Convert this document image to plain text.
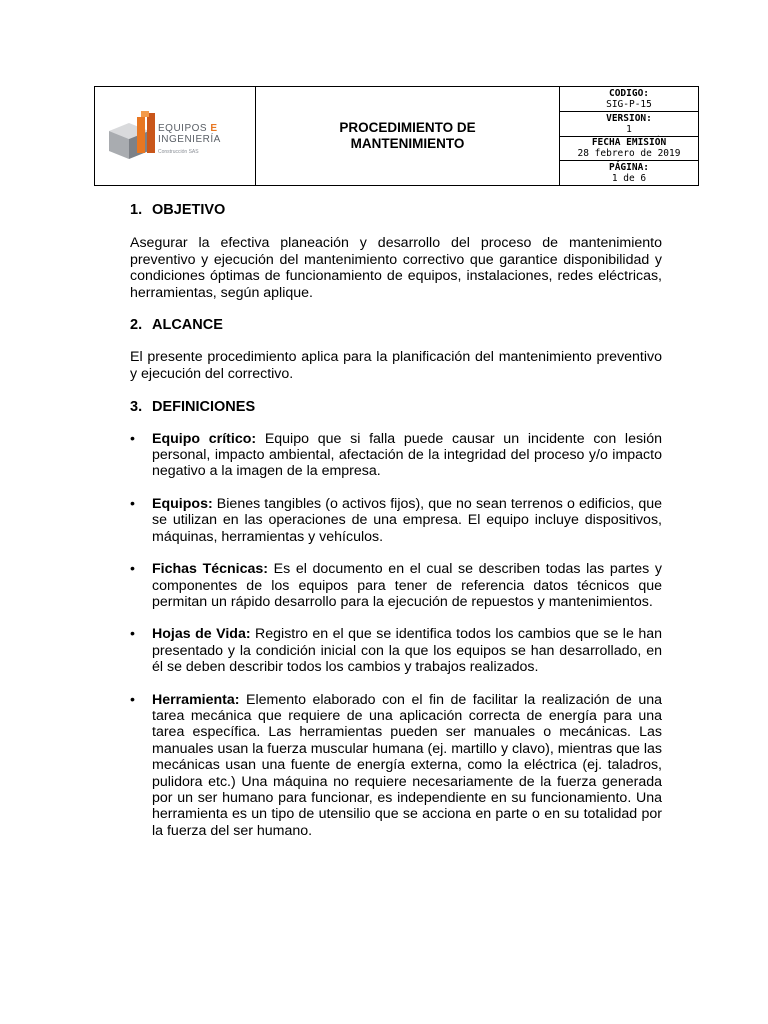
EQUIPOS E
INGENIERÍA
Construcción SAS
PROCEDIMIENTO DE
MANTENIMIENTO
CODIGO:
SIG-P-15
VERSION:
1
FECHA EMISIÓN
28 febrero de 2019
PÁGINA:
1 de 6
1. OBJETIVO

Asegurar la efectiva planeación y desarrollo del proceso de mantenimiento preventivo y ejecución del mantenimiento correctivo que garantice disponibilidad y condiciones óptimas de funcionamiento de equipos, instalaciones, redes eléctricas, herramientas, según aplique.

2. ALCANCE

El presente procedimiento aplica para la planificación del mantenimiento preventivo y ejecución del correctivo.

3. DEFINICIONES
• Equipo crítico: Equipo que si falla puede causar un incidente con lesión personal, impacto ambiental, afectación de la integridad del proceso y/o impacto negativo a la imagen de la empresa.
• Equipos: Bienes tangibles (o activos fijos), que no sean terrenos o edificios, que se utilizan en las operaciones de una empresa. El equipo incluye dispositivos, máquinas, herramientas y vehículos.
• Fichas Técnicas: Es el documento en el cual se describen todas las partes y componentes de los equipos para tener de referencia datos técnicos que permitan un rápido desarrollo para la ejecución de repuestos y mantenimientos.
• Hojas de Vida: Registro en el que se identifica todos los cambios que se le han presentado y la condición inicial con la que los equipos se han desarrollado, en él se deben describir todos los cambios y trabajos realizados.
• Herramienta: Elemento elaborado con el fin de facilitar la realización de una tarea mecánica que requiere de una aplicación correcta de energía para una tarea específica. Las herramientas pueden ser manuales o mecánicas. Las manuales usan la fuerza muscular humana (ej. martillo y clavo), mientras que las mecánicas usan una fuente de energía externa, como la eléctrica (ej. taladros, pulidora etc.) Una máquina no requiere necesariamente de la fuerza generada por un ser humano para funcionar, es independiente en su funcionamiento. Una herramienta es un tipo de utensilio que se acciona en parte o en su totalidad por la fuerza del ser humano.
